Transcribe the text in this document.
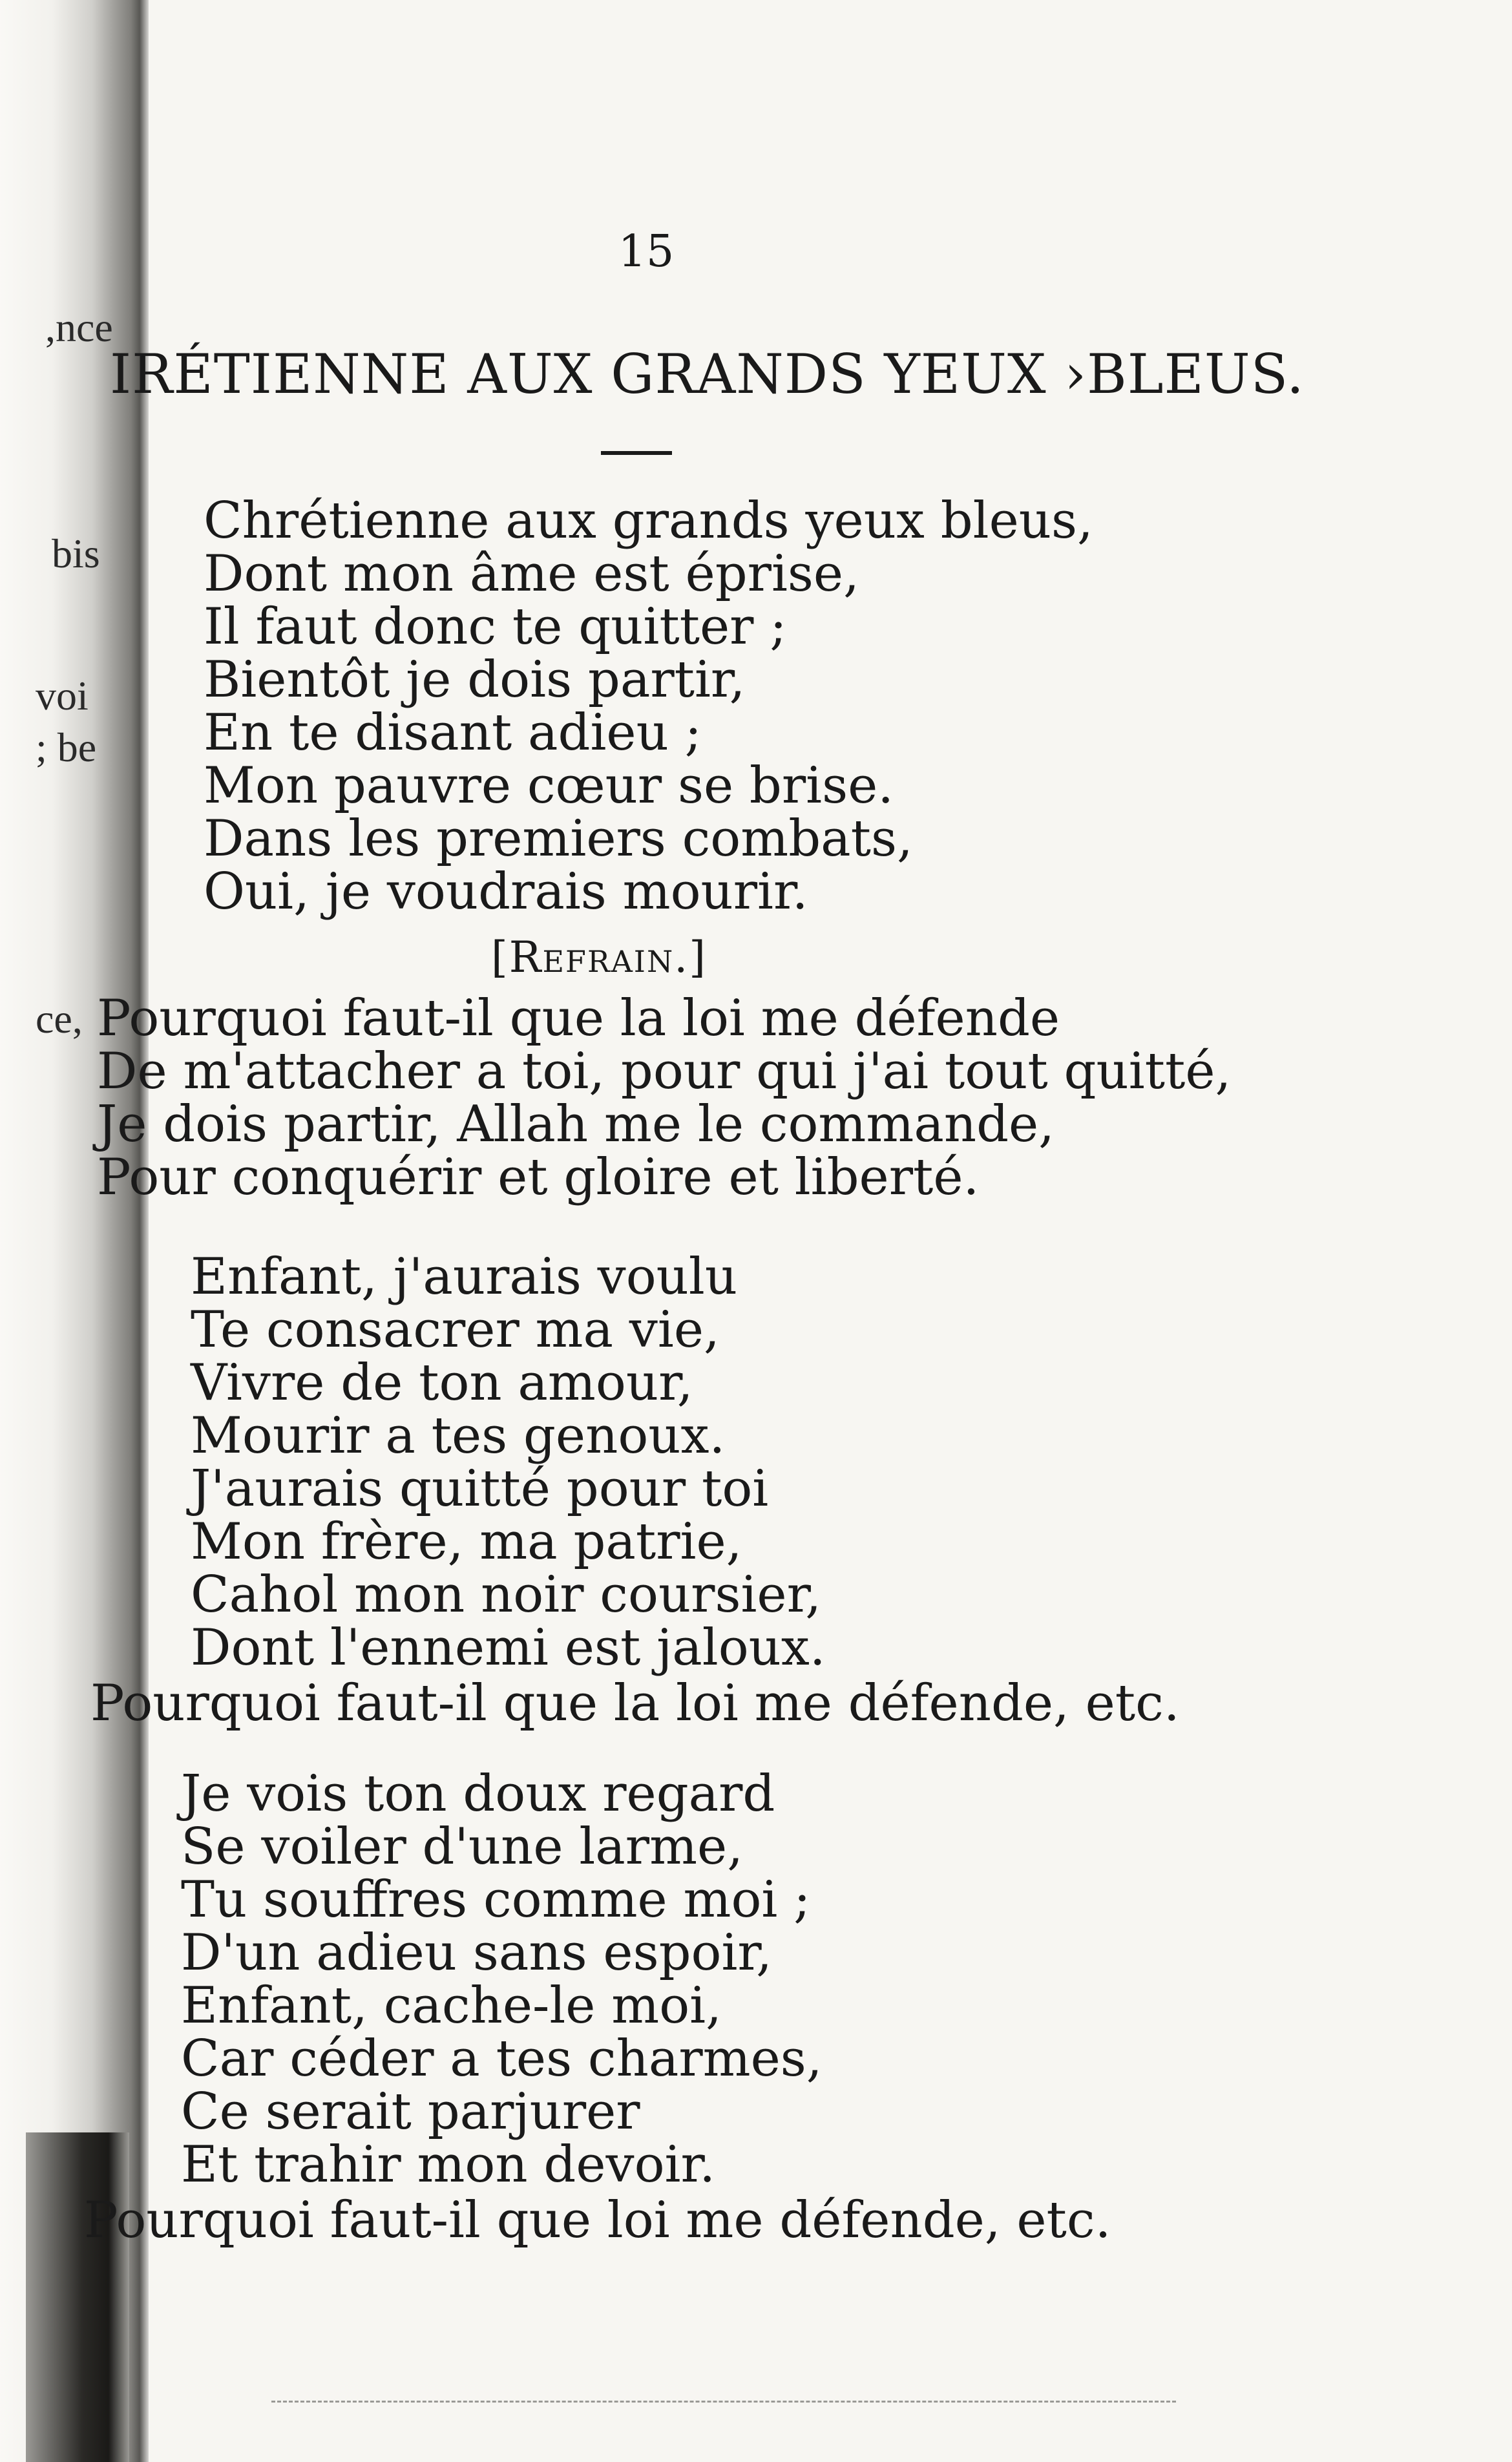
,nce
bis
voi
; be
ce,
15
IRÉTIENNE AUX GRANDS YEUX ›BLEUS.
Chrétienne aux grands yeux bleus,
Dont mon âme est éprise,
Il faut donc te quitter ;
Bientôt je dois partir,
En te disant adieu ;
Mon pauvre cœur se brise.
Dans les premiers combats,
Oui, je voudrais mourir.
[Refrain.]
Pourquoi faut-il que la loi me défende
De m'attacher a toi, pour qui j'ai tout quitté,
Je dois partir, Allah me le commande,
Pour conquérir et gloire et liberté.
Enfant, j'aurais voulu
Te consacrer ma vie,
Vivre de ton amour,
Mourir a tes genoux.
J'aurais quitté pour toi
Mon frère, ma patrie,
Cahol mon noir coursier,
Dont l'ennemi est jaloux.
Pourquoi faut-il que la loi me défende, etc.
Je vois ton doux regard
Se voiler d'une larme,
Tu souffres comme moi ;
D'un adieu sans espoir,
Enfant, cache-le moi,
Car céder a tes charmes,
Ce serait parjurer
Et trahir mon devoir.
Pourquoi faut-il que loi me défende, etc.
